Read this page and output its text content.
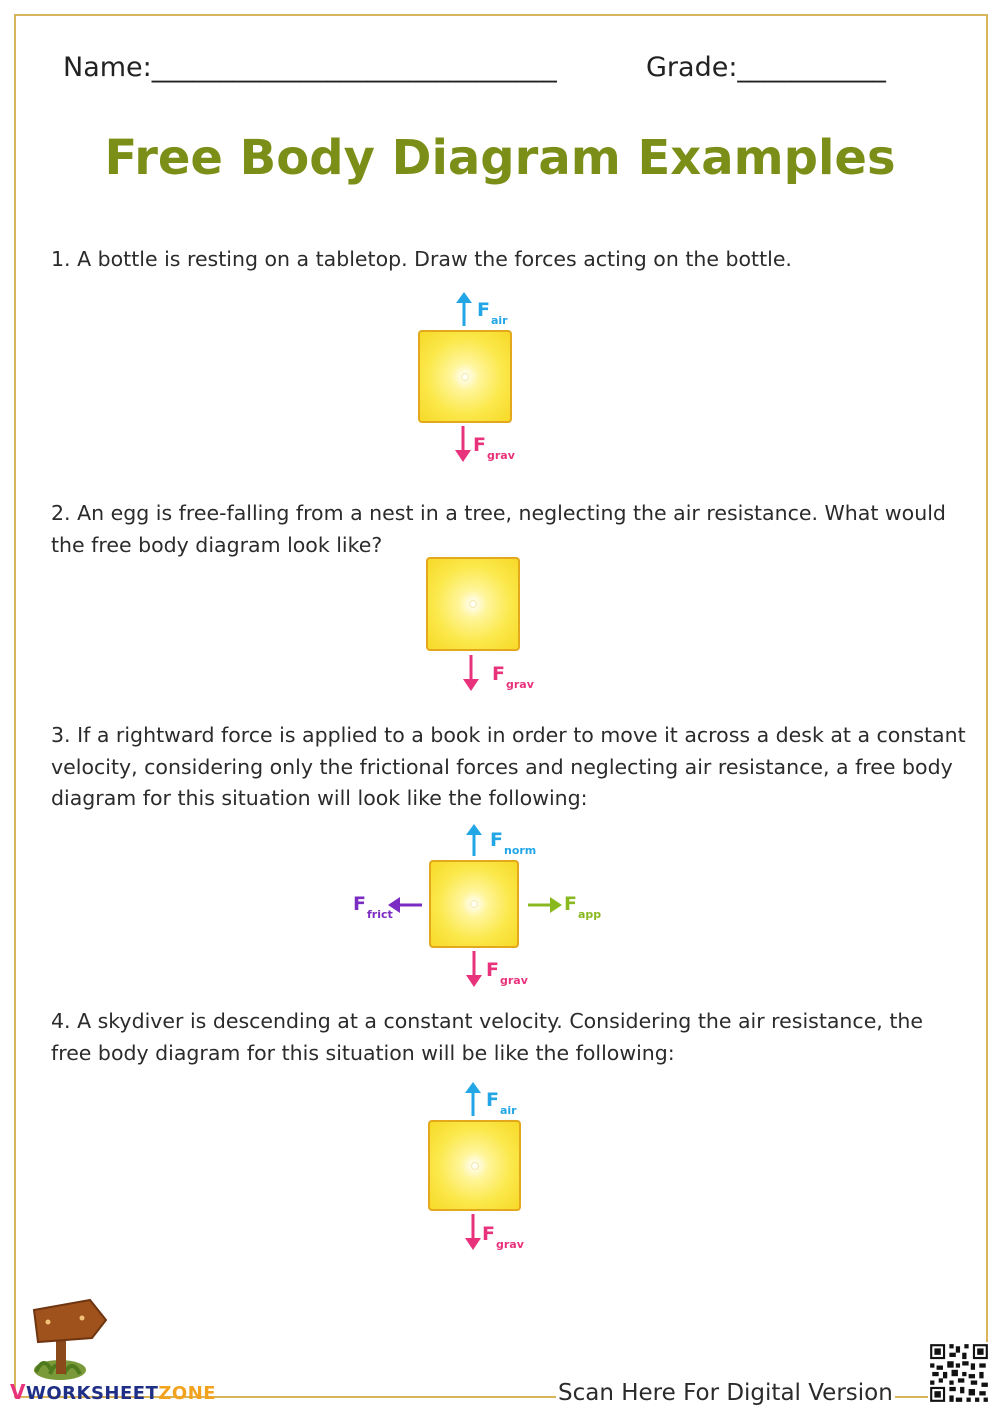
Name:______________________________	Grade:___________
Free Body Diagram Examples
1. A bottle is resting on a tabletop. Draw the forces acting on the bottle.
$F_{air}$
$F_{grav}$
2. An egg is free-falling from a nest in a tree, neglecting the air resistance. What would the free body diagram look like?
$F_{grav}$
3. If a rightward force is applied to a book in order to move it across a desk at a constant velocity, considering only the frictional forces and neglecting air resistance, a free body diagram for this situation will look like the following:
$F_{norm}$
$F_{frict}$	$F_{app}$
$F_{grav}$
4. A skydiver is descending at a constant velocity. Considering the air resistance, the free body diagram for this situation will be like the following:
$F_{air}$
$F_{grav}$
VWORKSHEETZONE	Scan Here For Digital Version
